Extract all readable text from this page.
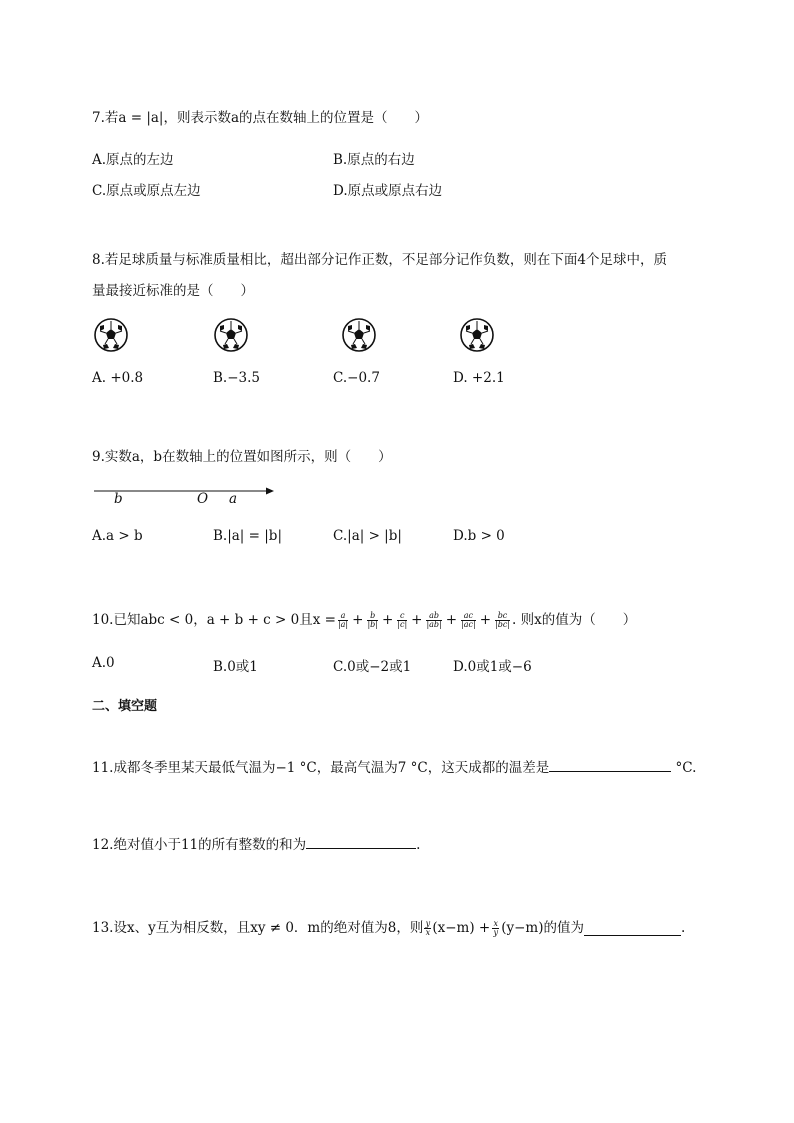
7.若a = |a|，则表示数a的点在数轴上的位置是（　　）
A.原点的左边	B.原点的右边
C.原点或原点左边	D.原点或原点右边
8.若足球质量与标准质量相比，超出部分记作正数，不足部分记作负数，则在下面4个足球中，质
量最接近标准的是（　　）
A. +0.8	B.−3.5	C.−0.7	D. +2.1
9.实数a，b在数轴上的位置如图所示，则（　　）
b	O a
A.a > b	B.|a| = |b|	C.|a| > |b|	D.b > 0
10.已知abc < 0，a + b + c > 0且x = a
|a| + b
|b| + c
|c| + ab
|ab| + ac
|ac| + bc
|bc| . 则x的值为（　　）
A.0	B.0或1	C.0或−2或1	D.0或1或−6
二、填空题
11.成都冬季里某天最低气温为−1 °C，最高气温为7 °C，这天成都的温差是	°C.
12.绝对值小于11的所有整数的和为	.
13.设x、y互为相反数，且xy ≠ 0．m的绝对值为8，则 y
x (x−m) + x
y (y−m)的值为	.
